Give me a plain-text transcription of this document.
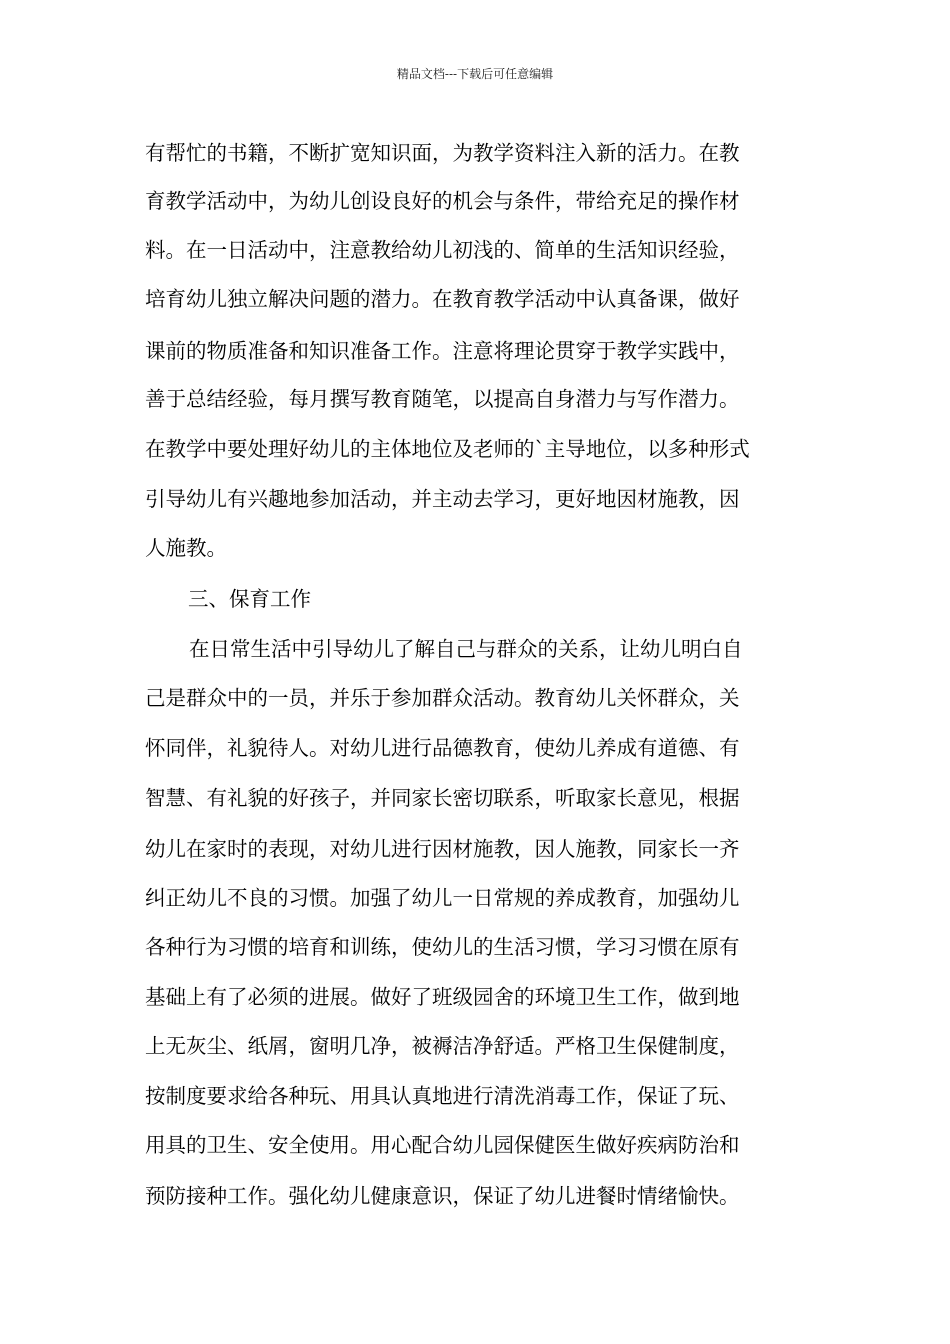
精品文档---下载后可任意编辑
有帮忙的书籍，不断扩宽知识面，为教学资料注入新的活力。在教
育教学活动中，为幼儿创设良好的机会与条件，带给充足的操作材
料。在一日活动中，注意教给幼儿初浅的、简单的生活知识经验，
培育幼儿独立解决问题的潜力。在教育教学活动中认真备课，做好
课前的物质准备和知识准备工作。注意将理论贯穿于教学实践中，
善于总结经验，每月撰写教育随笔，以提高自身潜力与写作潜力。
在教学中要处理好幼儿的主体地位及老师的`主导地位，以多种形式
引导幼儿有兴趣地参加活动，并主动去学习，更好地因材施教，因
人施教。
三、保育工作
在日常生活中引导幼儿了解自己与群众的关系，让幼儿明白自
己是群众中的一员，并乐于参加群众活动。教育幼儿关怀群众，关
怀同伴，礼貌待人。对幼儿进行品德教育，使幼儿养成有道德、有
智慧、有礼貌的好孩子，并同家长密切联系，听取家长意见，根据
幼儿在家时的表现，对幼儿进行因材施教，因人施教，同家长一齐
纠正幼儿不良的习惯。加强了幼儿一日常规的养成教育，加强幼儿
各种行为习惯的培育和训练，使幼儿的生活习惯，学习习惯在原有
基础上有了必须的进展。做好了班级园舍的环境卫生工作，做到地
上无灰尘、纸屑，窗明几净，被褥洁净舒适。严格卫生保健制度，
按制度要求给各种玩、用具认真地进行清洗消毒工作，保证了玩、
用具的卫生、安全使用。用心配合幼儿园保健医生做好疾病防治和
预防接种工作。强化幼儿健康意识，保证了幼儿进餐时情绪愉快。
